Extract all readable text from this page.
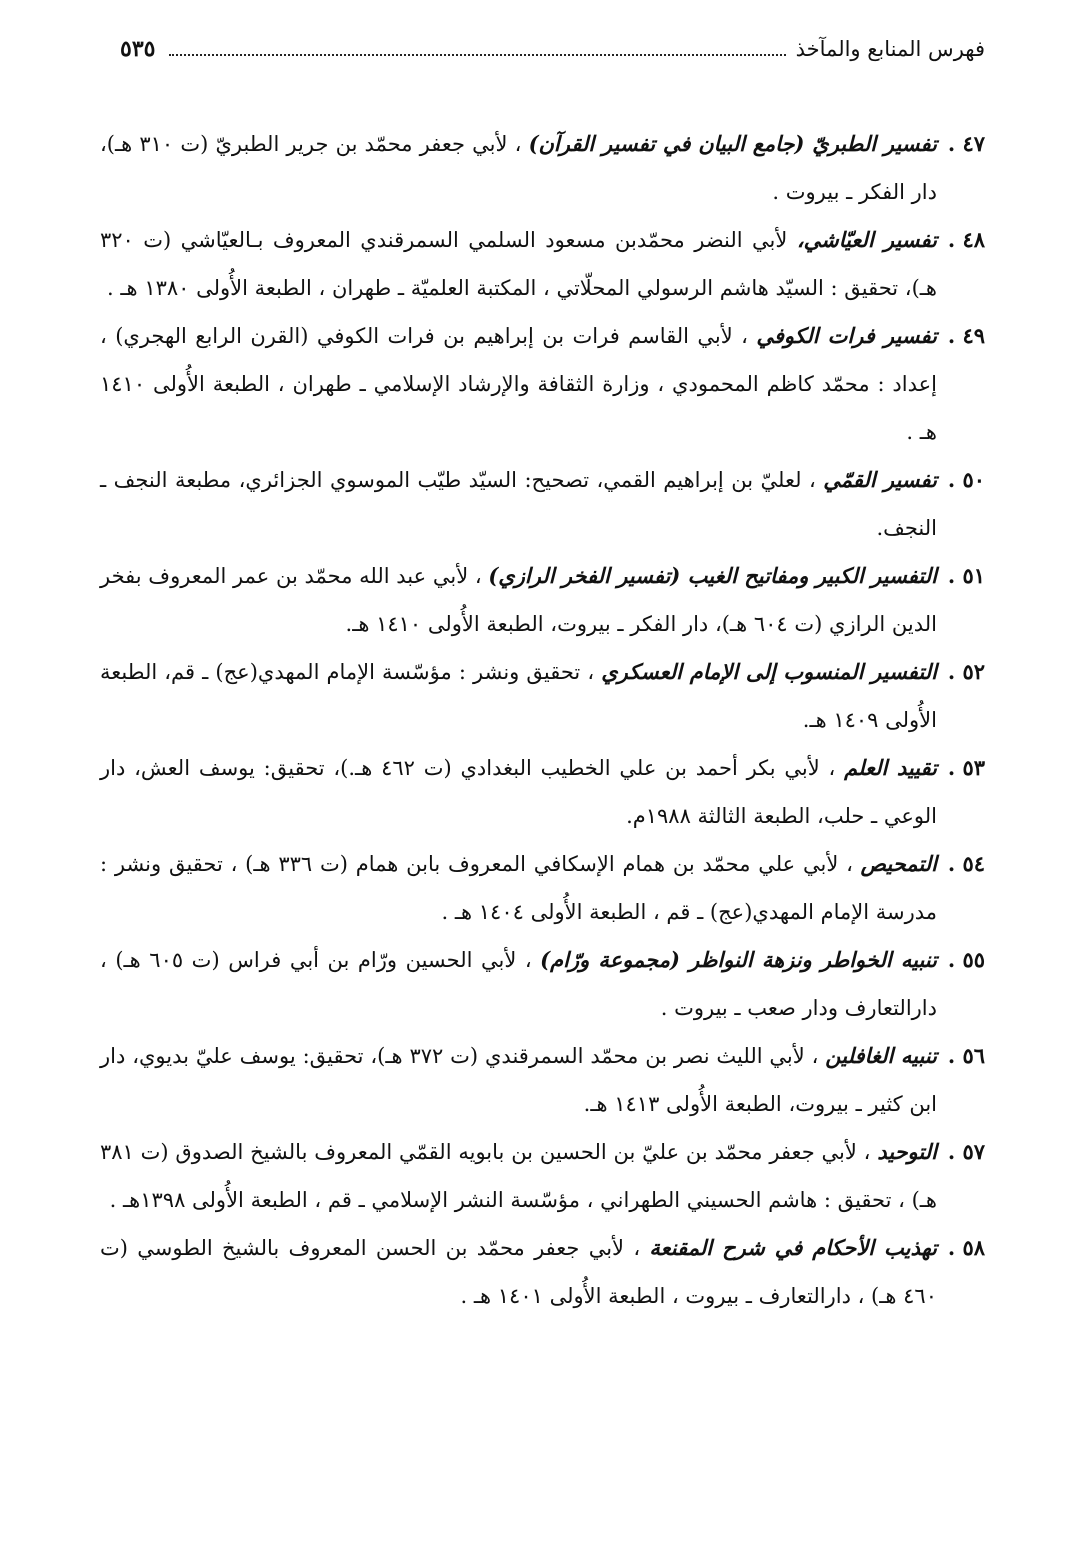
فهرس المنابع والمآخذ
٥٣٥
٤٧ .
تفسير الطبريّ (جامع البيان في تفسير القرآن) ، لأبي جعفر محمّد بن جرير الطبريّ (ت ٣١٠ هـ)، دار الفكر ـ بيروت .
٤٨ .
تفسير العيّاشي، لأبي النضر محمّدبن مسعود السلمي السمرقندي المعروف بـالعيّاشي (ت ٣٢٠ هـ)، تحقيق : السيّد هاشم الرسولي المحلّاتي ، المكتبة العلميّة ـ طهران ، الطبعة الأُولى ١٣٨٠ هـ .
٤٩ .
تفسير فرات الكوفي ، لأبي القاسم فرات بن إبراهيم بن فرات الكوفي (القرن الرابع الهجري) ، إعداد : محمّد كاظم المحمودي ، وزارة الثقافة والإرشاد الإسلامي ـ طهران ، الطبعة الأُولى ١٤١٠ هـ .
٥٠ .
تفسير القمّي ، لعليّ بن إبراهيم القمي، تصحيح: السيّد طيّب الموسوي الجزائري، مطبعة النجف ـ النجف.
٥١ .
التفسير الكبير ومفاتيح الغيب (تفسير الفخر الرازي) ، لأبي عبد الله محمّد بن عمر المعروف بفخر الدين الرازي (ت ٦٠٤ هـ)، دار الفكر ـ بيروت، الطبعة الأُولى ١٤١٠ هـ.
٥٢ .
التفسير المنسوب إلى الإمام العسكري ، تحقيق ونشر : مؤسّسة الإمام المهدي(عج) ـ قم، الطبعة الأُولى ١٤٠٩ هـ.
٥٣ .
تقييد العلم ، لأبي بكر أحمد بن علي الخطيب البغدادي (ت ٤٦٢ هـ.)، تحقيق: يوسف العش، دار الوعي ـ حلب، الطبعة الثالثة ١٩٨٨م.
٥٤ .
التمحيص ، لأبي علي محمّد بن همام الإسكافي المعروف بابن همام (ت ٣٣٦ هـ) ، تحقيق ونشر : مدرسة الإمام المهدي(عج) ـ قم ، الطبعة الأُولى ١٤٠٤ هـ .
٥٥ .
تنبيه الخواطر ونزهة النواظر (مجموعة ورّام) ، لأبي الحسين ورّام بن أبي فراس (ت ٦٠٥ هـ) ، دارالتعارف ودار صعب ـ بيروت .
٥٦ .
تنبيه الغافلين ، لأبي الليث نصر بن محمّد السمرقندي (ت ٣٧٢ هـ)، تحقيق: يوسف عليّ بديوي، دار ابن كثير ـ بيروت، الطبعة الأُولى ١٤١٣ هـ.
٥٧ .
التوحيد ، لأبي جعفر محمّد بن عليّ بن الحسين بن بابويه القمّي المعروف بالشيخ الصدوق (ت ٣٨١ هـ) ، تحقيق : هاشم الحسيني الطهراني ، مؤسّسة النشر الإسلامي ـ قم ، الطبعة الأُولى ١٣٩٨هـ .
٥٨ .
تهذيب الأحكام في شرح المقنعة ، لأبي جعفر محمّد بن الحسن المعروف بالشيخ الطوسي (ت ٤٦٠ هـ) ، دارالتعارف ـ بيروت ، الطبعة الأُولى ١٤٠١ هـ .
